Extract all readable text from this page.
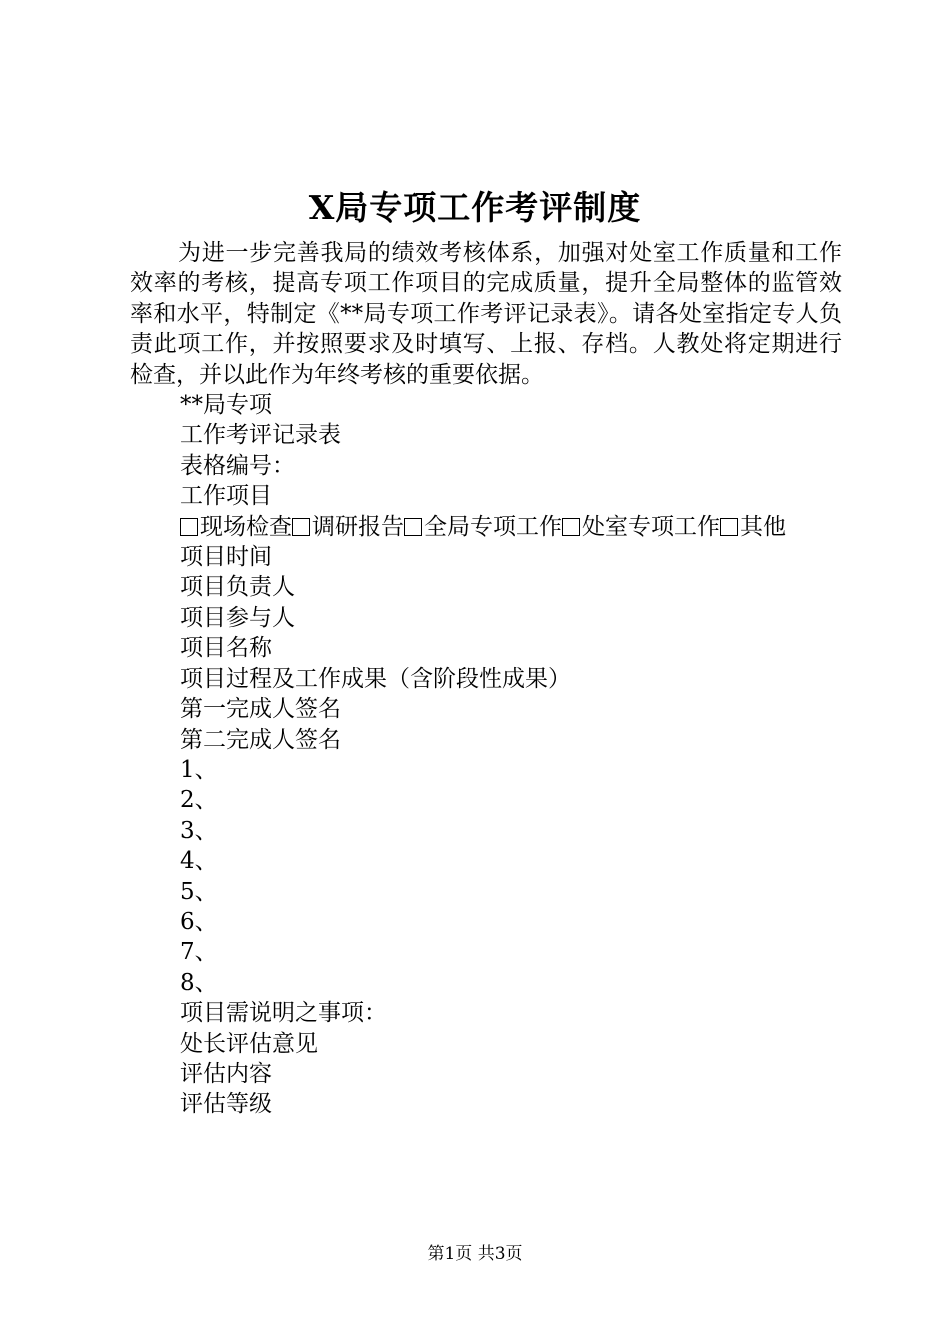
X局专项工作考评制度

为进一步完善我局的绩效考核体系，加强对处室工作质量和工作效率的考核，提高专项工作项目的完成质量，提升全局整体的监管效率和水平，特制定《**局专项工作考评记录表》。请各处室指定专人负责此项工作，并按照要求及时填写、上报、存档。人教处将定期进行检查，并以此作为年终考核的重要依据。

**局专项

工作考评记录表

表格编号：

工作项目

现场检查 调研报告 全局专项工作 处室专项工作 其他

项目时间

项目负责人

项目参与人

项目名称

项目过程及工作成果（含阶段性成果）

第一完成人签名

第二完成人签名

1、

2、

3、

4、

5、

6、

7、

8、

项目需说明之事项：

处长评估意见

评估内容

评估等级

第1页 共3页
